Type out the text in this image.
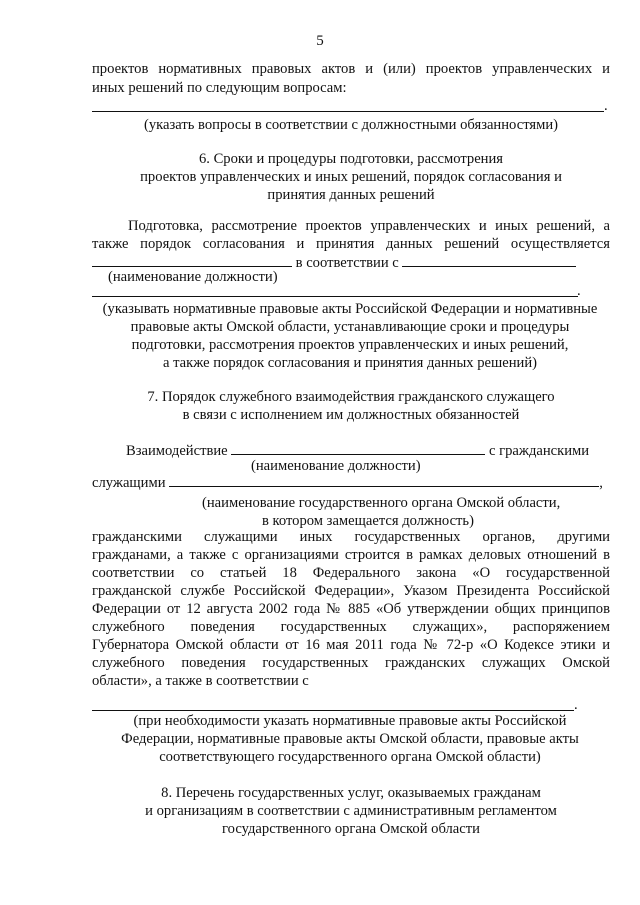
5
проектов нормативных правовых актов и (или) проектов управленческих и
иных решений по следующим вопросам:
.
(указать вопросы в соответствии с должностными обязанностями)
6. Сроки и процедуры подготовки, рассмотрения
проектов управленческих и иных решений, порядок согласования и
принятия данных решений
Подготовка, рассмотрение проектов управленческих и иных решений, а
также порядок согласования и принятия данных решений осуществляется
в соответствии с
(наименование должности)
.
(указывать нормативные правовые акты Российской Федерации и нормативные
правовые акты Омской области, устанавливающие сроки и процедуры
подготовки, рассмотрения проектов управленческих и иных решений,
а также порядок согласования и принятия данных решений)
7. Порядок служебного взаимодействия гражданского служащего
в связи с исполнением им должностных обязанностей
Взаимодействие	с гражданскими
(наименование должности)
служащими	,
(наименование государственного органа Омской области,
в котором замещается должность)
гражданскими служащими иных государственных органов, другими
гражданами, а также с организациями строится в рамках деловых отношений в
соответствии со статьей 18 Федерального закона «О государственной
гражданской службе Российской Федерации», Указом Президента Российской
Федерации от 12 августа 2002 года № 885 «Об утверждении общих принципов
служебного поведения государственных служащих», распоряжением
Губернатора Омской области от 16 мая 2011 года № 72-р «О Кодексе этики и
служебного поведения государственных гражданских служащих Омской
области», а также в соответствии с
.
(при необходимости указать нормативные правовые акты Российской
Федерации, нормативные правовые акты Омской области, правовые акты
соответствующего государственного органа Омской области)
8. Перечень государственных услуг, оказываемых гражданам
и организациям в соответствии с административным регламентом
государственного органа Омской области
